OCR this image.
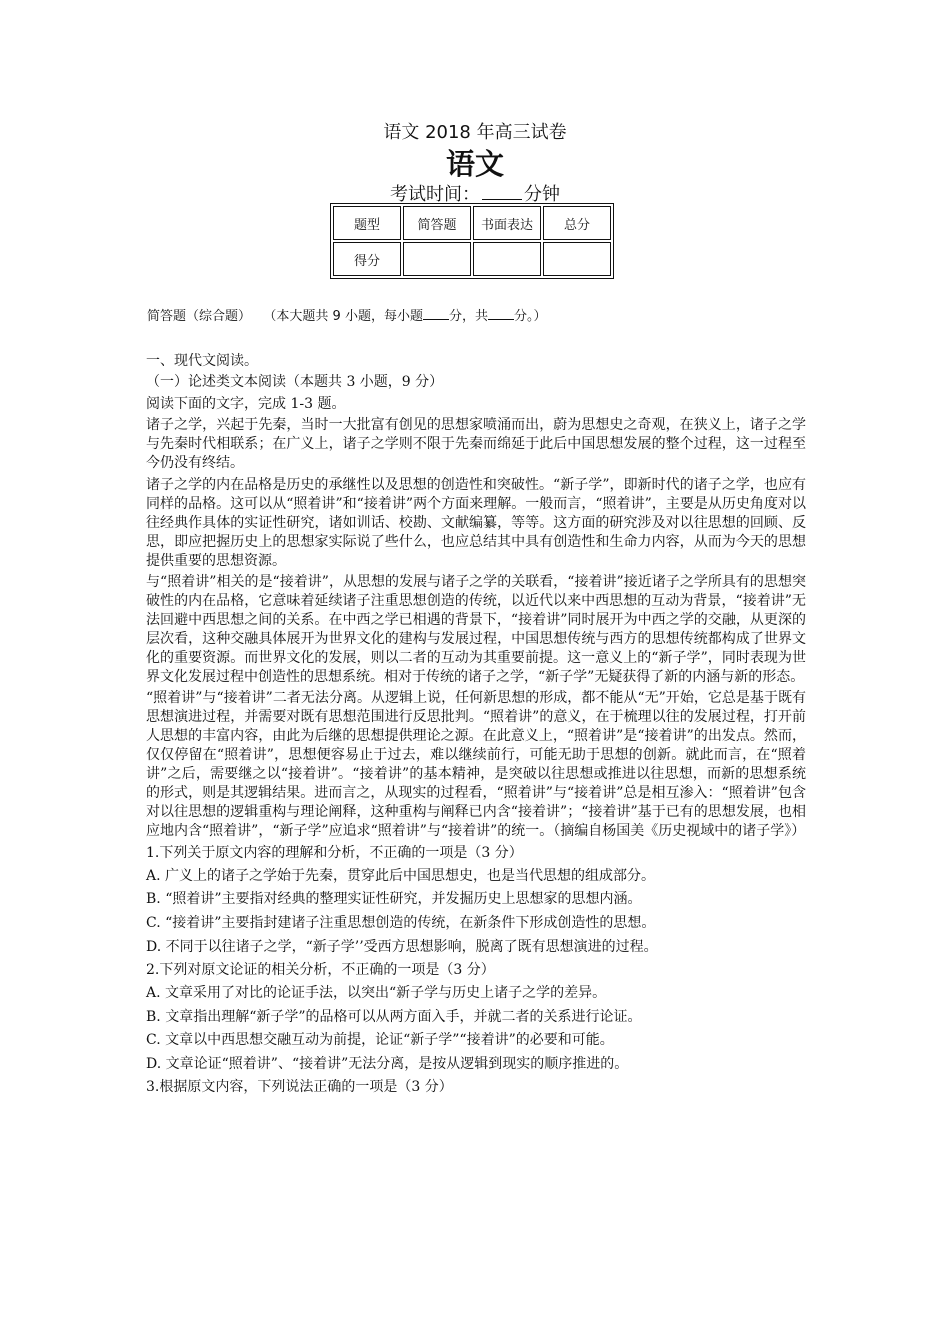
语文 2018 年高三试卷
语文
考试时间： 分钟
题型	简答题	书面表达	总分
得分			
简答题（综合题） （本大题共 9 小题，每小题 分，共 分。）

一、现代文阅读。

（一）论述类文本阅读（本题共 3 小题，9 分）

阅读下面的文字，完成 1-3 题。

诸子之学，兴起于先秦，当时一大批富有创见的思想家喷涌而出，蔚为思想史之奇观，在狭义上，诸子之学与先秦时代相联系；在广义上，诸子之学则不限于先秦而绵延于此后中国思想发展的整个过程，这一过程至今仍没有终结。

诸子之学的内在品格是历史的承继性以及思想的创造性和突破性。“新子学”，即新时代的诸子之学，也应有同样的品格。这可以从“照着讲”和“接着讲”两个方面来理解。一般而言，“照着讲”，主要是从历史角度对以往经典作具体的实证性研究，诸如训话、校勘、文献编纂，等等。这方面的研究涉及对以往思想的回顾、反思，即应把握历史上的思想家实际说了些什么，也应总结其中具有创造性和生命力内容，从而为今天的思想提供重要的思想资源。

与“照着讲”相关的是“接着讲”，从思想的发展与诸子之学的关联看，“接着讲”接近诸子之学所具有的思想突破性的内在品格，它意味着延续诸子注重思想创造的传统，以近代以来中西思想的互动为背景，“接着讲”无法回避中西思想之间的关系。在中西之学已相遇的背景下，“接着讲”同时展开为中西之学的交融，从更深的层次看，这种交融具体展开为世界文化的建构与发展过程，中国思想传统与西方的思想传统都构成了世界文化的重要资源。而世界文化的发展，则以二者的互动为其重要前提。这一意义上的“新子学”，同时表现为世界文化发展过程中创造性的思想系统。相对于传统的诸子之学，“新子学”无疑获得了新的内涵与新的形态。

“照着讲”与“接着讲”二者无法分离。从逻辑上说，任何新思想的形成，都不能从“无”开始，它总是基于既有思想演进过程，并需要对既有思想范围进行反思批判。“照着讲”的意义，在于梳理以往的发展过程，打开前人思想的丰富内容，由此为后继的思想提供理论之源。在此意义上，“照着讲”是“接着讲”的出发点。然而，仅仅停留在“照着讲”，思想便容易止于过去，难以继续前行，可能无助于思想的创新。就此而言，在“照着讲”之后，需要继之以“接着讲”。“接着讲”的基本精神，是突破以往思想或推进以往思想，而新的思想系统的形式，则是其逻辑结果。进而言之，从现实的过程看，“照着讲”与“接着讲”总是相互渗入：“照着讲”包含对以往思想的逻辑重构与理论阐释，这种重构与阐释已内含“接着讲”；“接着讲”基于已有的思想发展，也相应地内含“照着讲”，“新子学”应追求“照着讲”与“接着讲”的统一。（摘编自杨国美《历史视域中的诸子学》）

1.下列关于原文内容的理解和分析，不正确的一项是（3 分）

A. 广义上的诸子之学始于先秦，贯穿此后中国思想史，也是当代思想的组成部分。

B. “照着讲”主要指对经典的整理实证性研究，并发掘历史上思想家的思想内涵。

C. “接着讲”主要指封建诸子注重思想创造的传统，在新条件下形成创造性的思想。

D. 不同于以往诸子之学，“新子学’’受西方思想影响，脱离了既有思想演进的过程。

2.下列对原文论证的相关分析，不正确的一项是（3 分）

A. 文章采用了对比的论证手法，以突出“新子学与历史上诸子之学的差异。

B. 文章指出理解“新子学”的品格可以从两方面入手，并就二者的关系进行论证。

C. 文章以中西思想交融互动为前提，论证“新子学”“接着讲”的必要和可能。

D. 文章论证“照着讲”、“接着讲”无法分离，是按从逻辑到现实的顺序推进的。

3.根据原文内容，下列说法正确的一项是（3 分）
